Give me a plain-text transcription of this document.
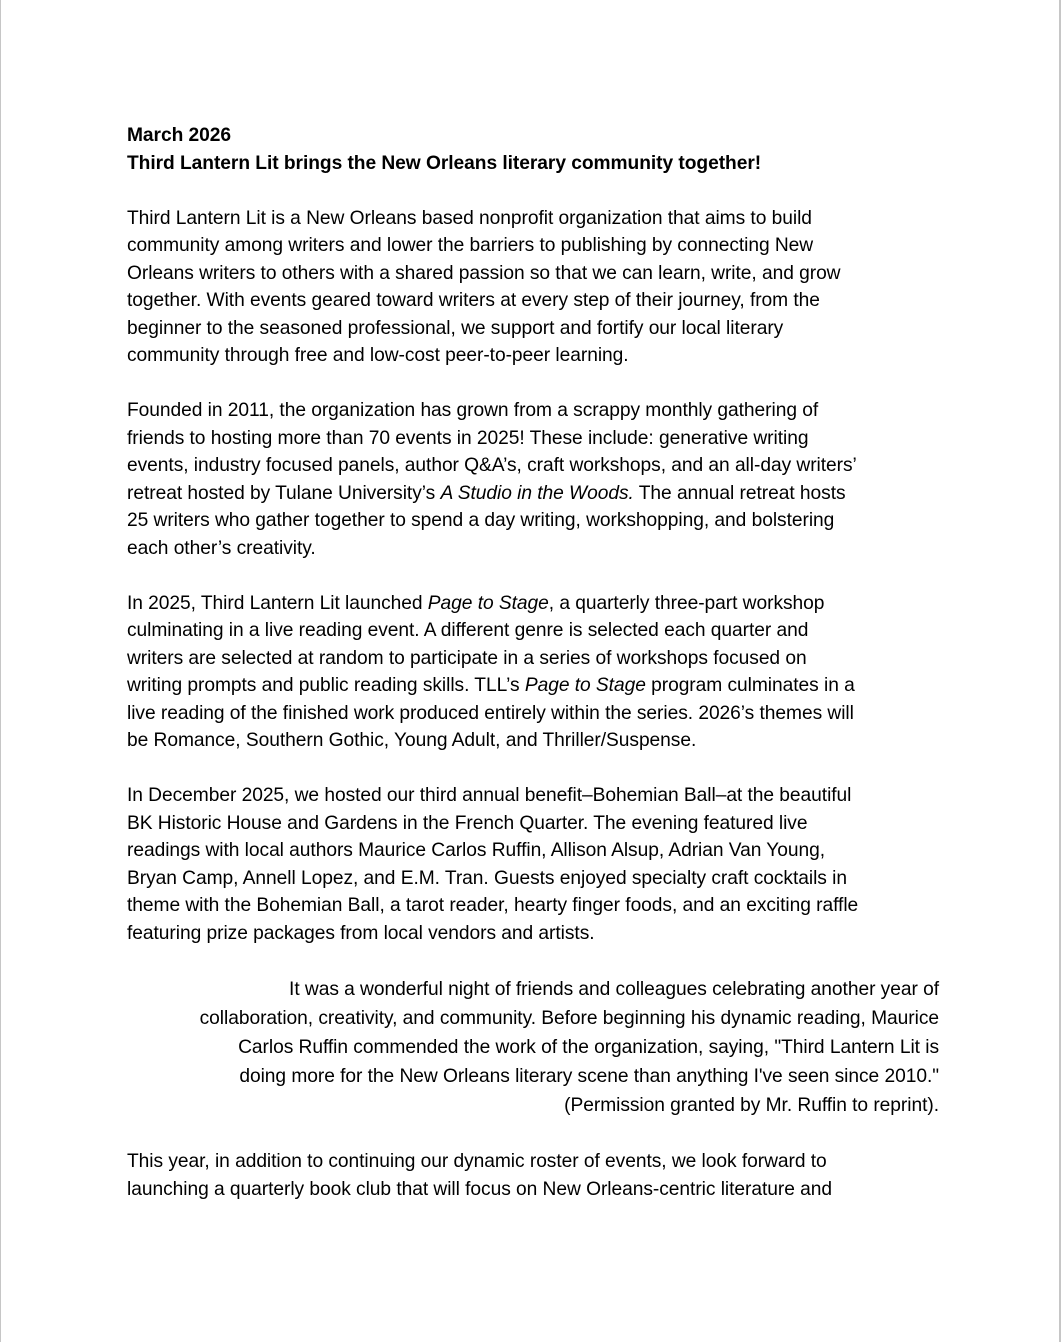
March 2026

Third Lantern Lit brings the New Orleans literary community together!

Third Lantern Lit is a New Orleans based nonprofit organization that aims to build

community among writers and lower the barriers to publishing by connecting New

Orleans writers to others with a shared passion so that we can learn, write, and grow

together. With events geared toward writers at every step of their journey, from the

beginner to the seasoned professional, we support and fortify our local literary

community through free and low-cost peer-to-peer learning.

Founded in 2011, the organization has grown from a scrappy monthly gathering of

friends to hosting more than 70 events in 2025! These include: generative writing

events, industry focused panels, author Q&A’s, craft workshops, and an all-day writers’

retreat hosted by Tulane University’s A Studio in the Woods. The annual retreat hosts

25 writers who gather together to spend a day writing, workshopping, and bolstering

each other’s creativity.

In 2025, Third Lantern Lit launched Page to Stage, a quarterly three-part workshop

culminating in a live reading event. A different genre is selected each quarter and

writers are selected at random to participate in a series of workshops focused on

writing prompts and public reading skills. TLL’s Page to Stage program culminates in a

live reading of the finished work produced entirely within the series. 2026’s themes will

be Romance, Southern Gothic, Young Adult, and Thriller/Suspense.

In December 2025, we hosted our third annual benefit–Bohemian Ball–at the beautiful

BK Historic House and Gardens in the French Quarter. The evening featured live

readings with local authors Maurice Carlos Ruffin, Allison Alsup, Adrian Van Young,

Bryan Camp, Annell Lopez, and E.M. Tran. Guests enjoyed specialty craft cocktails in

theme with the Bohemian Ball, a tarot reader, hearty finger foods, and an exciting raffle

featuring prize packages from local vendors and artists.

It was a wonderful night of friends and colleagues celebrating another year of

collaboration, creativity, and community. Before beginning his dynamic reading, Maurice

Carlos Ruffin commended the work of the organization, saying, "Third Lantern Lit is

doing more for the New Orleans literary scene than anything I've seen since 2010."

(Permission granted by Mr. Ruffin to reprint).

This year, in addition to continuing our dynamic roster of events, we look forward to

launching a quarterly book club that will focus on New Orleans-centric literature and
